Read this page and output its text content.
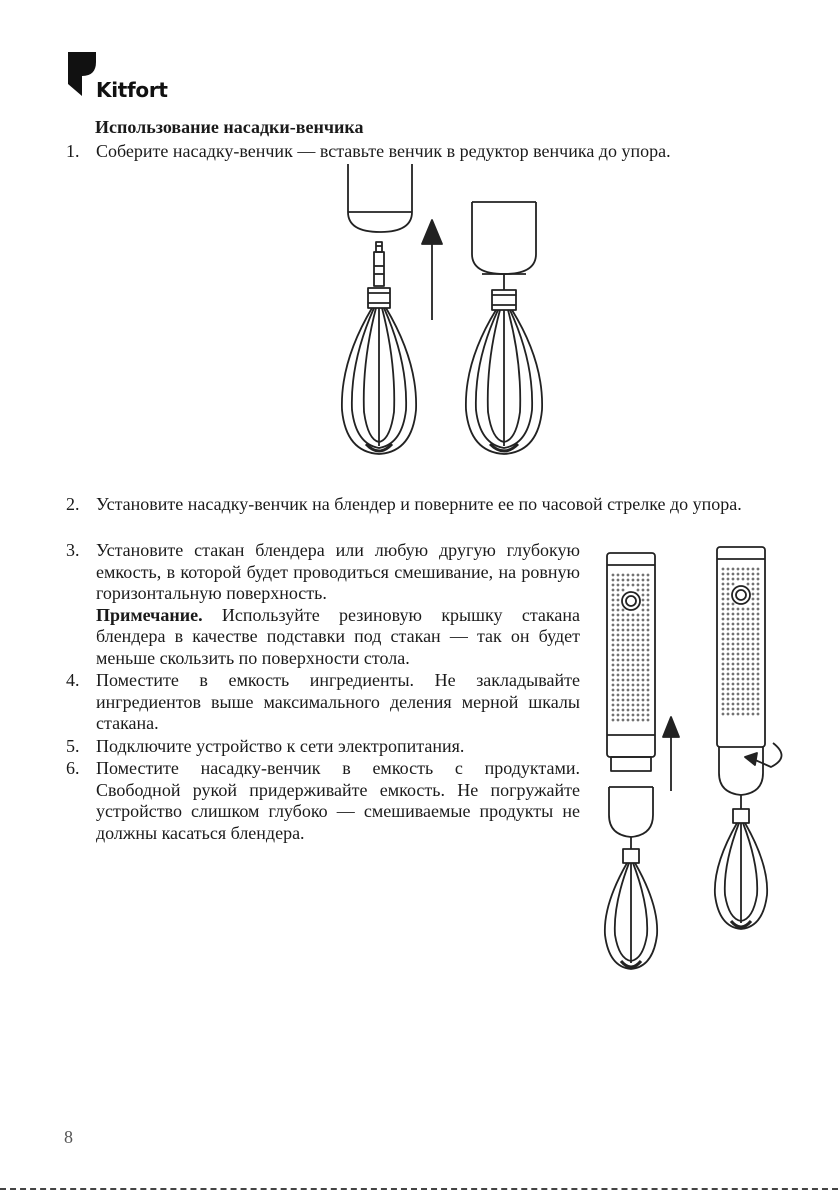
Kitfort
Использование насадки-венчика
1. Соберите насадку-венчик — вставьте венчик в редуктор венчика до упора.
2. Установите насадку-венчик на блендер и поверните ее по часовой стрелке до упора.
3. Установите стакан блендера или любую другую глубокую емкость, в которой будет проводиться смешивание, на ровную горизонтальную поверхность.
Примечание. Используйте резиновую крышку стакана блендера в качестве подставки под стакан — так он будет меньше скользить по поверхности стола.
4. Поместите в емкость ингредиенты. Не закладывайте ингредиентов выше максимального деления мерной шкалы стакана.
5. Подключите устройство к сети электропитания.
6. Поместите насадку-венчик в емкость с продуктами. Свободной рукой придерживайте емкость. Не погружайте устройство слишком глубоко — смешиваемые продукты не должны касаться блендера.
8
